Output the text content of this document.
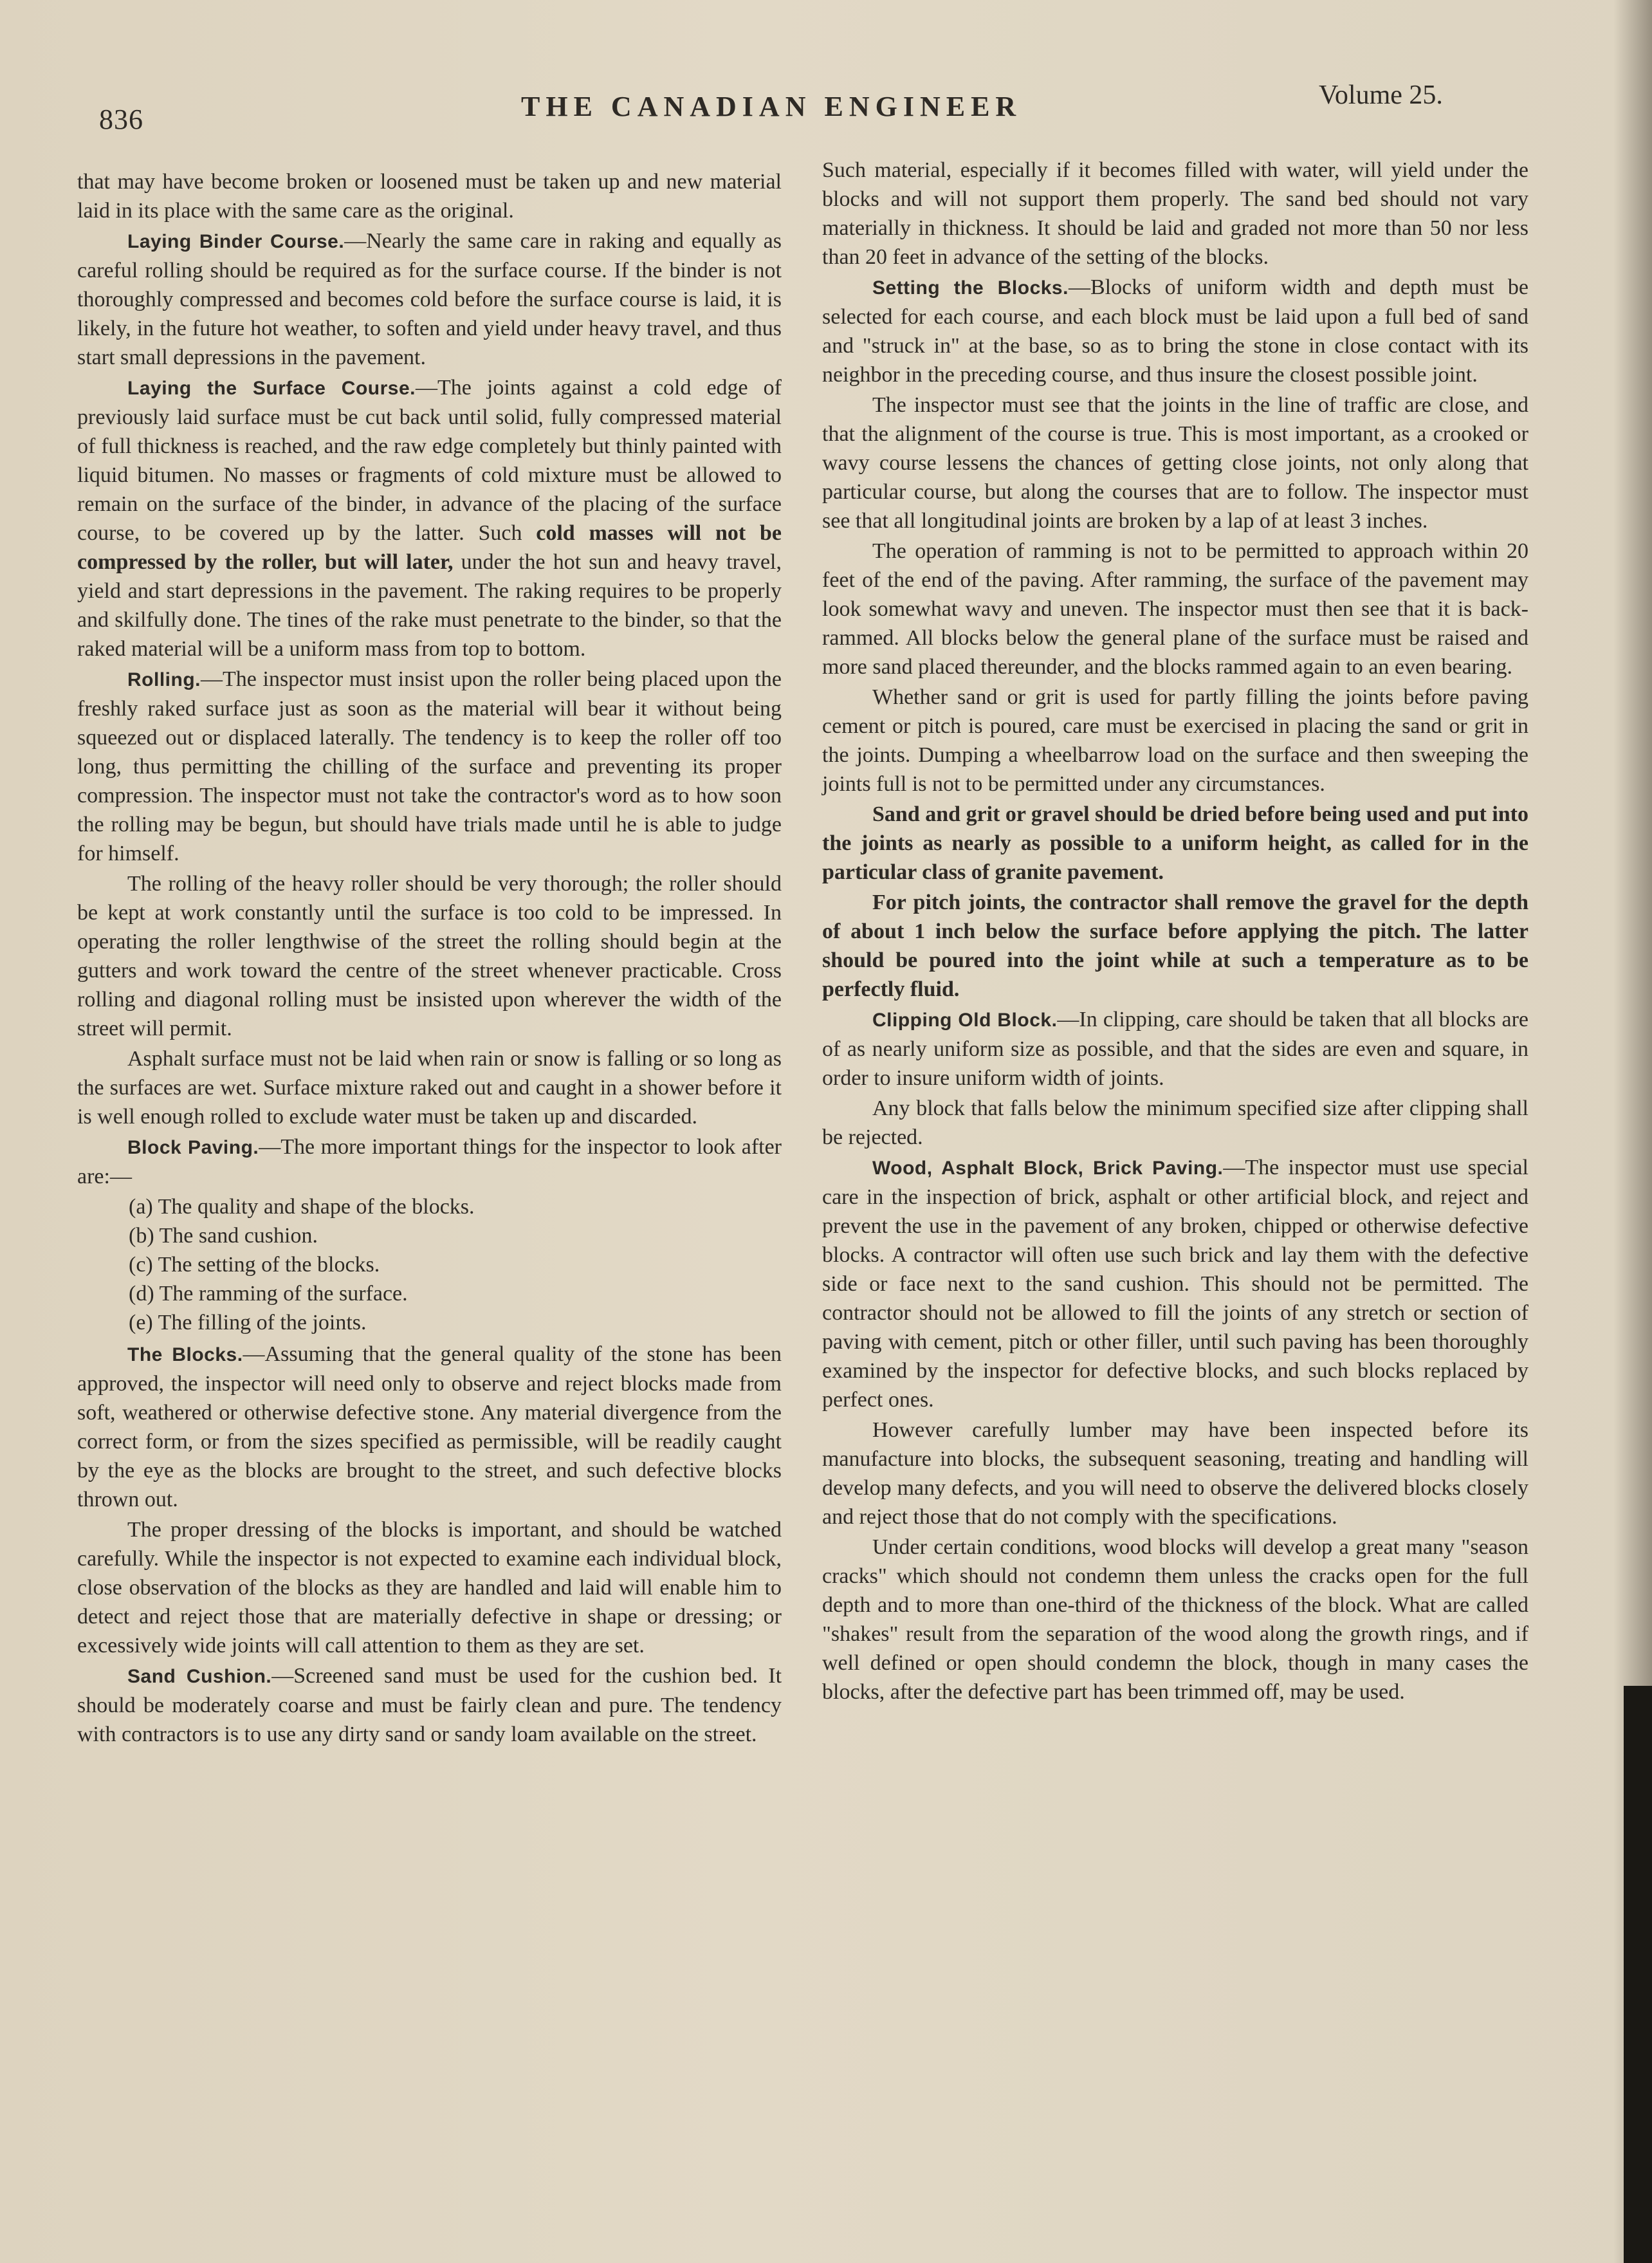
836	THE CANADIAN ENGINEER	Volume 25.

that may have become broken or loosened must be taken up and new material laid in its place with the same care as the original.

Laying Binder Course.—Nearly the same care in raking and equally as careful rolling should be required as for the surface course. If the binder is not thoroughly compressed and becomes cold before the surface course is laid, it is likely, in the future hot weather, to soften and yield under heavy travel, and thus start small depressions in the pavement.

Laying the Surface Course.—The joints against a cold edge of previously laid surface must be cut back until solid, fully compressed material of full thickness is reached, and the raw edge completely but thinly painted with liquid bitumen. No masses or fragments of cold mixture must be allowed to remain on the surface of the binder, in advance of the placing of the surface course, to be covered up by the latter. Such cold masses will not be compressed by the roller, but will later, under the hot sun and heavy travel, yield and start depressions in the pavement. The raking requires to be properly and skilfully done. The tines of the rake must penetrate to the binder, so that the raked material will be a uniform mass from top to bottom.

Rolling.—The inspector must insist upon the roller being placed upon the freshly raked surface just as soon as the material will bear it without being squeezed out or displaced laterally. The tendency is to keep the roller off too long, thus permitting the chilling of the surface and preventing its proper compression. The inspector must not take the contractor's word as to how soon the rolling may be begun, but should have trials made until he is able to judge for himself.

The rolling of the heavy roller should be very thorough; the roller should be kept at work constantly until the surface is too cold to be impressed. In operating the roller lengthwise of the street the rolling should begin at the gutters and work toward the centre of the street whenever practicable. Cross rolling and diagonal rolling must be insisted upon wherever the width of the street will permit.

Asphalt surface must not be laid when rain or snow is falling or so long as the surfaces are wet. Surface mixture raked out and caught in a shower before it is well enough rolled to exclude water must be taken up and discarded.

Block Paving.—The more important things for the inspector to look after are:—

(a) The quality and shape of the blocks.
(b) The sand cushion.
(c) The setting of the blocks.
(d) The ramming of the surface.
(e) The filling of the joints.

The Blocks.—Assuming that the general quality of the stone has been approved, the inspector will need only to observe and reject blocks made from soft, weathered or otherwise defective stone. Any material divergence from the correct form, or from the sizes specified as permissible, will be readily caught by the eye as the blocks are brought to the street, and such defective blocks thrown out.

The proper dressing of the blocks is important, and should be watched carefully. While the inspector is not expected to examine each individual block, close observation of the blocks as they are handled and laid will enable him to detect and reject those that are materially defective in shape or dressing; or excessively wide joints will call attention to them as they are set.

Sand Cushion.—Screened sand must be used for the cushion bed. It should be moderately coarse and must be fairly clean and pure. The tendency with contractors is to use any dirty sand or sandy loam available on the street.

Such material, especially if it becomes filled with water, will yield under the blocks and will not support them properly. The sand bed should not vary materially in thickness. It should be laid and graded not more than 50 nor less than 20 feet in advance of the setting of the blocks.

Setting the Blocks.—Blocks of uniform width and depth must be selected for each course, and each block must be laid upon a full bed of sand and "struck in" at the base, so as to bring the stone in close contact with its neighbor in the preceding course, and thus insure the closest possible joint.

The inspector must see that the joints in the line of traffic are close, and that the alignment of the course is true. This is most important, as a crooked or wavy course lessens the chances of getting close joints, not only along that particular course, but along the courses that are to follow. The inspector must see that all longitudinal joints are broken by a lap of at least 3 inches.

The operation of ramming is not to be permitted to approach within 20 feet of the end of the paving. After ramming, the surface of the pavement may look somewhat wavy and uneven. The inspector must then see that it is back-rammed. All blocks below the general plane of the surface must be raised and more sand placed thereunder, and the blocks rammed again to an even bearing.

Whether sand or grit is used for partly filling the joints before paving cement or pitch is poured, care must be exercised in placing the sand or grit in the joints. Dumping a wheelbarrow load on the surface and then sweeping the joints full is not to be permitted under any circumstances.

Sand and grit or gravel should be dried before being used and put into the joints as nearly as possible to a uniform height, as called for in the particular class of granite pavement.

For pitch joints, the contractor shall remove the gravel for the depth of about 1 inch below the surface before applying the pitch. The latter should be poured into the joint while at such a temperature as to be perfectly fluid.

Clipping Old Block.—In clipping, care should be taken that all blocks are of as nearly uniform size as possible, and that the sides are even and square, in order to insure uniform width of joints.

Any block that falls below the minimum specified size after clipping shall be rejected.

Wood, Asphalt Block, Brick Paving.—The inspector must use special care in the inspection of brick, asphalt or other artificial block, and reject and prevent the use in the pavement of any broken, chipped or otherwise defective blocks. A contractor will often use such brick and lay them with the defective side or face next to the sand cushion. This should not be permitted. The contractor should not be allowed to fill the joints of any stretch or section of paving with cement, pitch or other filler, until such paving has been thoroughly examined by the inspector for defective blocks, and such blocks replaced by perfect ones.

However carefully lumber may have been inspected before its manufacture into blocks, the subsequent seasoning, treating and handling will develop many defects, and you will need to observe the delivered blocks closely and reject those that do not comply with the specifications.

Under certain conditions, wood blocks will develop a great many "season cracks" which should not condemn them unless the cracks open for the full depth and to more than one-third of the thickness of the block. What are called "shakes" result from the separation of the wood along the growth rings, and if well defined or open should condemn the block, though in many cases the blocks, after the defective part has been trimmed off, may be used.
